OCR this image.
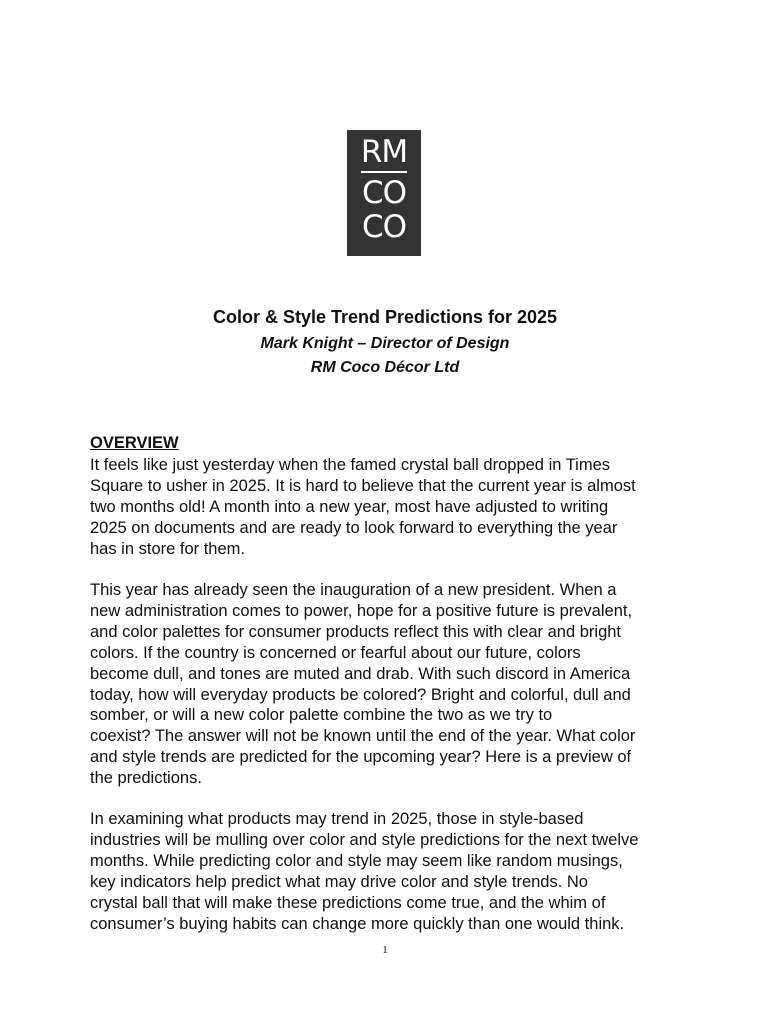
RM
CO
CO
Color & Style Trend Predictions for 2025
Mark Knight – Director of Design
RM Coco Décor Ltd
OVERVIEW

It feels like just yesterday when the famed crystal ball dropped in Times
Square to usher in 2025. It is hard to believe that the current year is almost
two months old! A month into a new year, most have adjusted to writing
2025 on documents and are ready to look forward to everything the year
has in store for them.

This year has already seen the inauguration of a new president. When a
new administration comes to power, hope for a positive future is prevalent,
and color palettes for consumer products reflect this with clear and bright
colors. If the country is concerned or fearful about our future, colors
become dull, and tones are muted and drab. With such discord in America
today, how will everyday products be colored? Bright and colorful, dull and
somber, or will a new color palette combine the two as we try to
coexist? The answer will not be known until the end of the year. What color
and style trends are predicted for the upcoming year? Here is a preview of
the predictions.

In examining what products may trend in 2025, those in style-based
industries will be mulling over color and style predictions for the next twelve
months. While predicting color and style may seem like random musings,
key indicators help predict what may drive color and style trends. No
crystal ball that will make these predictions come true, and the whim of
consumer’s buying habits can change more quickly than one would think.

1
